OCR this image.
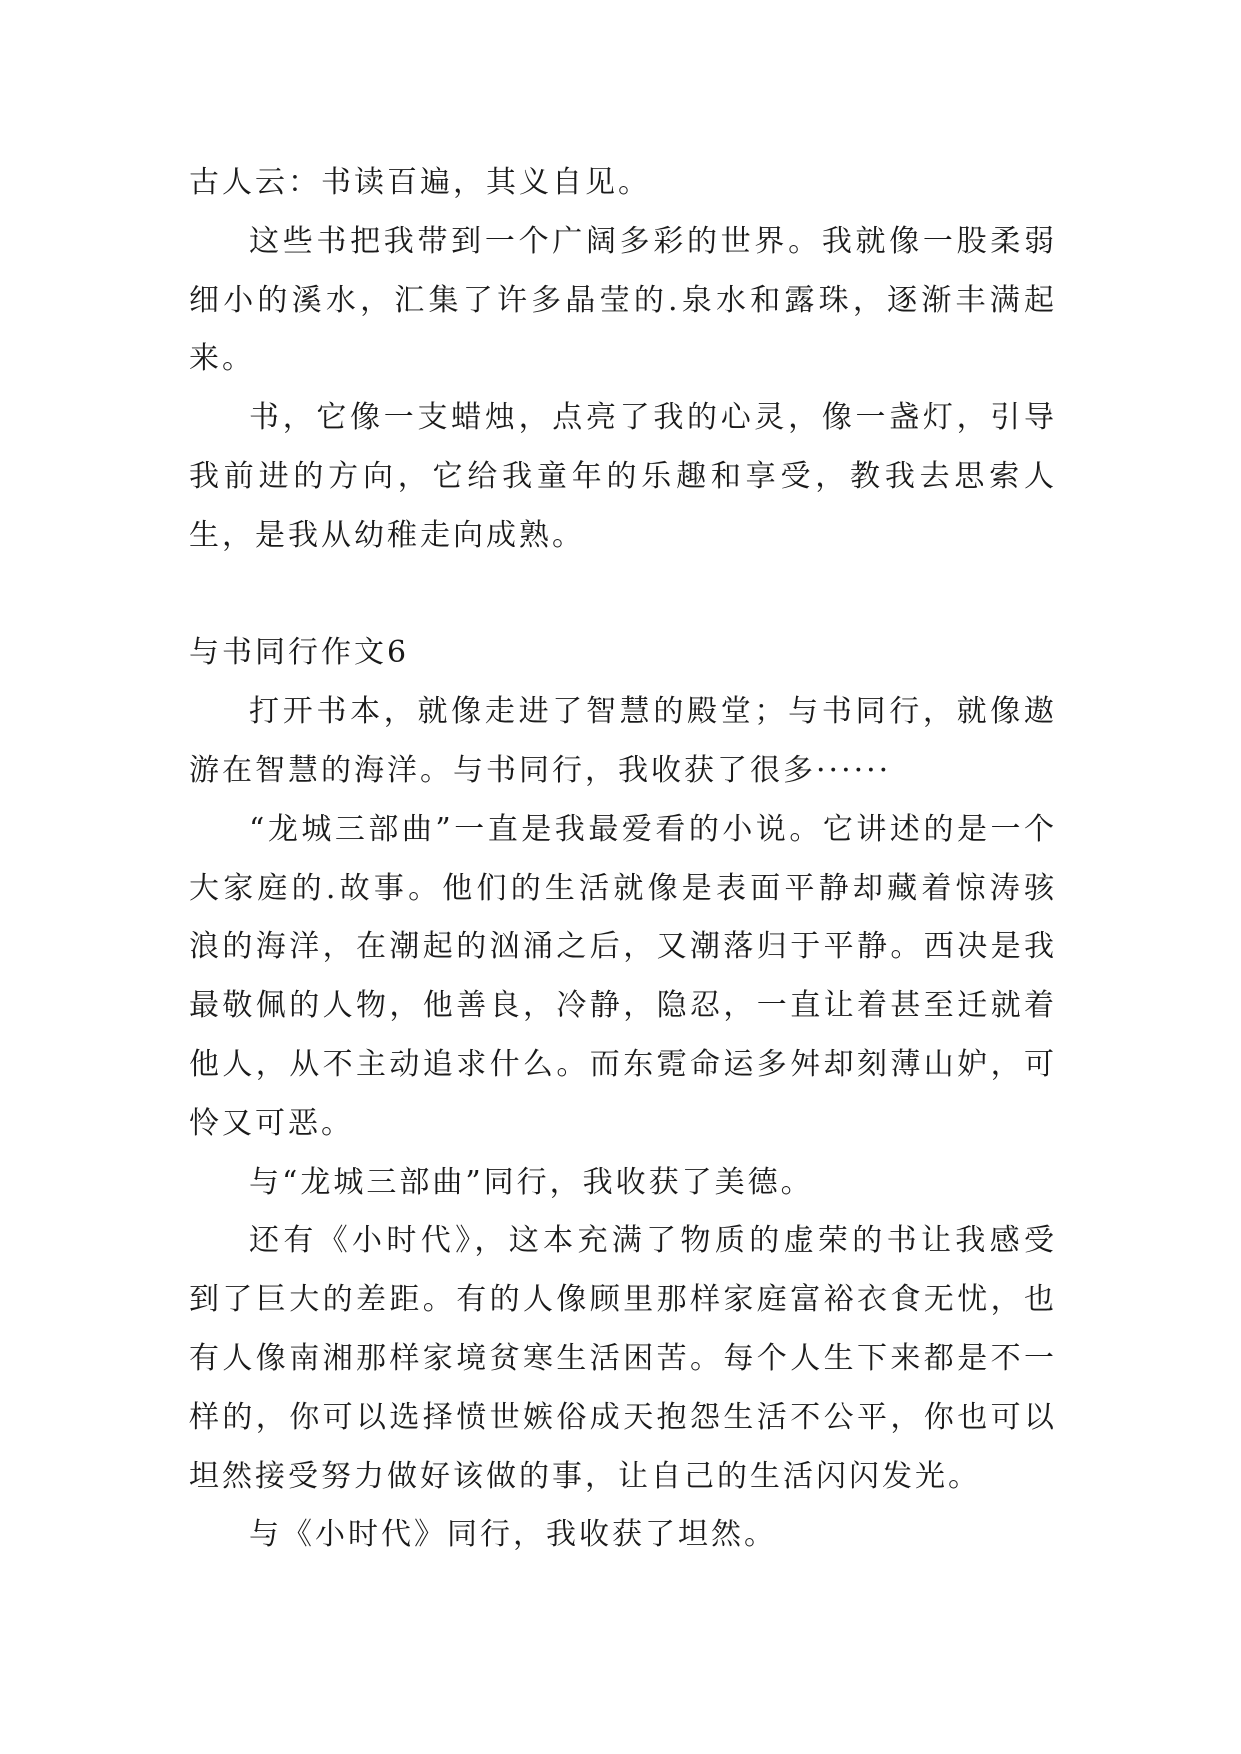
古人云：书读百遍，其义自见。

这些书把我带到一个广阔多彩的世界。我就像一股柔弱细小的溪水，汇集了许多晶莹的.泉水和露珠，逐渐丰满起来。

书，它像一支蜡烛，点亮了我的心灵，像一盏灯，引导我前进的方向，它给我童年的乐趣和享受，教我去思索人生，是我从幼稚走向成熟。

与书同行作文6

打开书本，就像走进了智慧的殿堂；与书同行，就像遨游在智慧的海洋。与书同行，我收获了很多······

“龙城三部曲”一直是我最爱看的小说。它讲述的是一个大家庭的.故事。他们的生活就像是表面平静却藏着惊涛骇浪的海洋，在潮起的汹涌之后，又潮落归于平静。西决是我最敬佩的人物，他善良，冷静，隐忍，一直让着甚至迁就着他人，从不主动追求什么。而东霓命运多舛却刻薄山妒，可怜又可恶。

与“龙城三部曲”同行，我收获了美德。

还有《小时代》，这本充满了物质的虚荣的书让我感受到了巨大的差距。有的人像顾里那样家庭富裕衣食无忧，也有人像南湘那样家境贫寒生活困苦。每个人生下来都是不一样的，你可以选择愤世嫉俗成天抱怨生活不公平，你也可以坦然接受努力做好该做的事，让自己的生活闪闪发光。

与《小时代》同行，我收获了坦然。
